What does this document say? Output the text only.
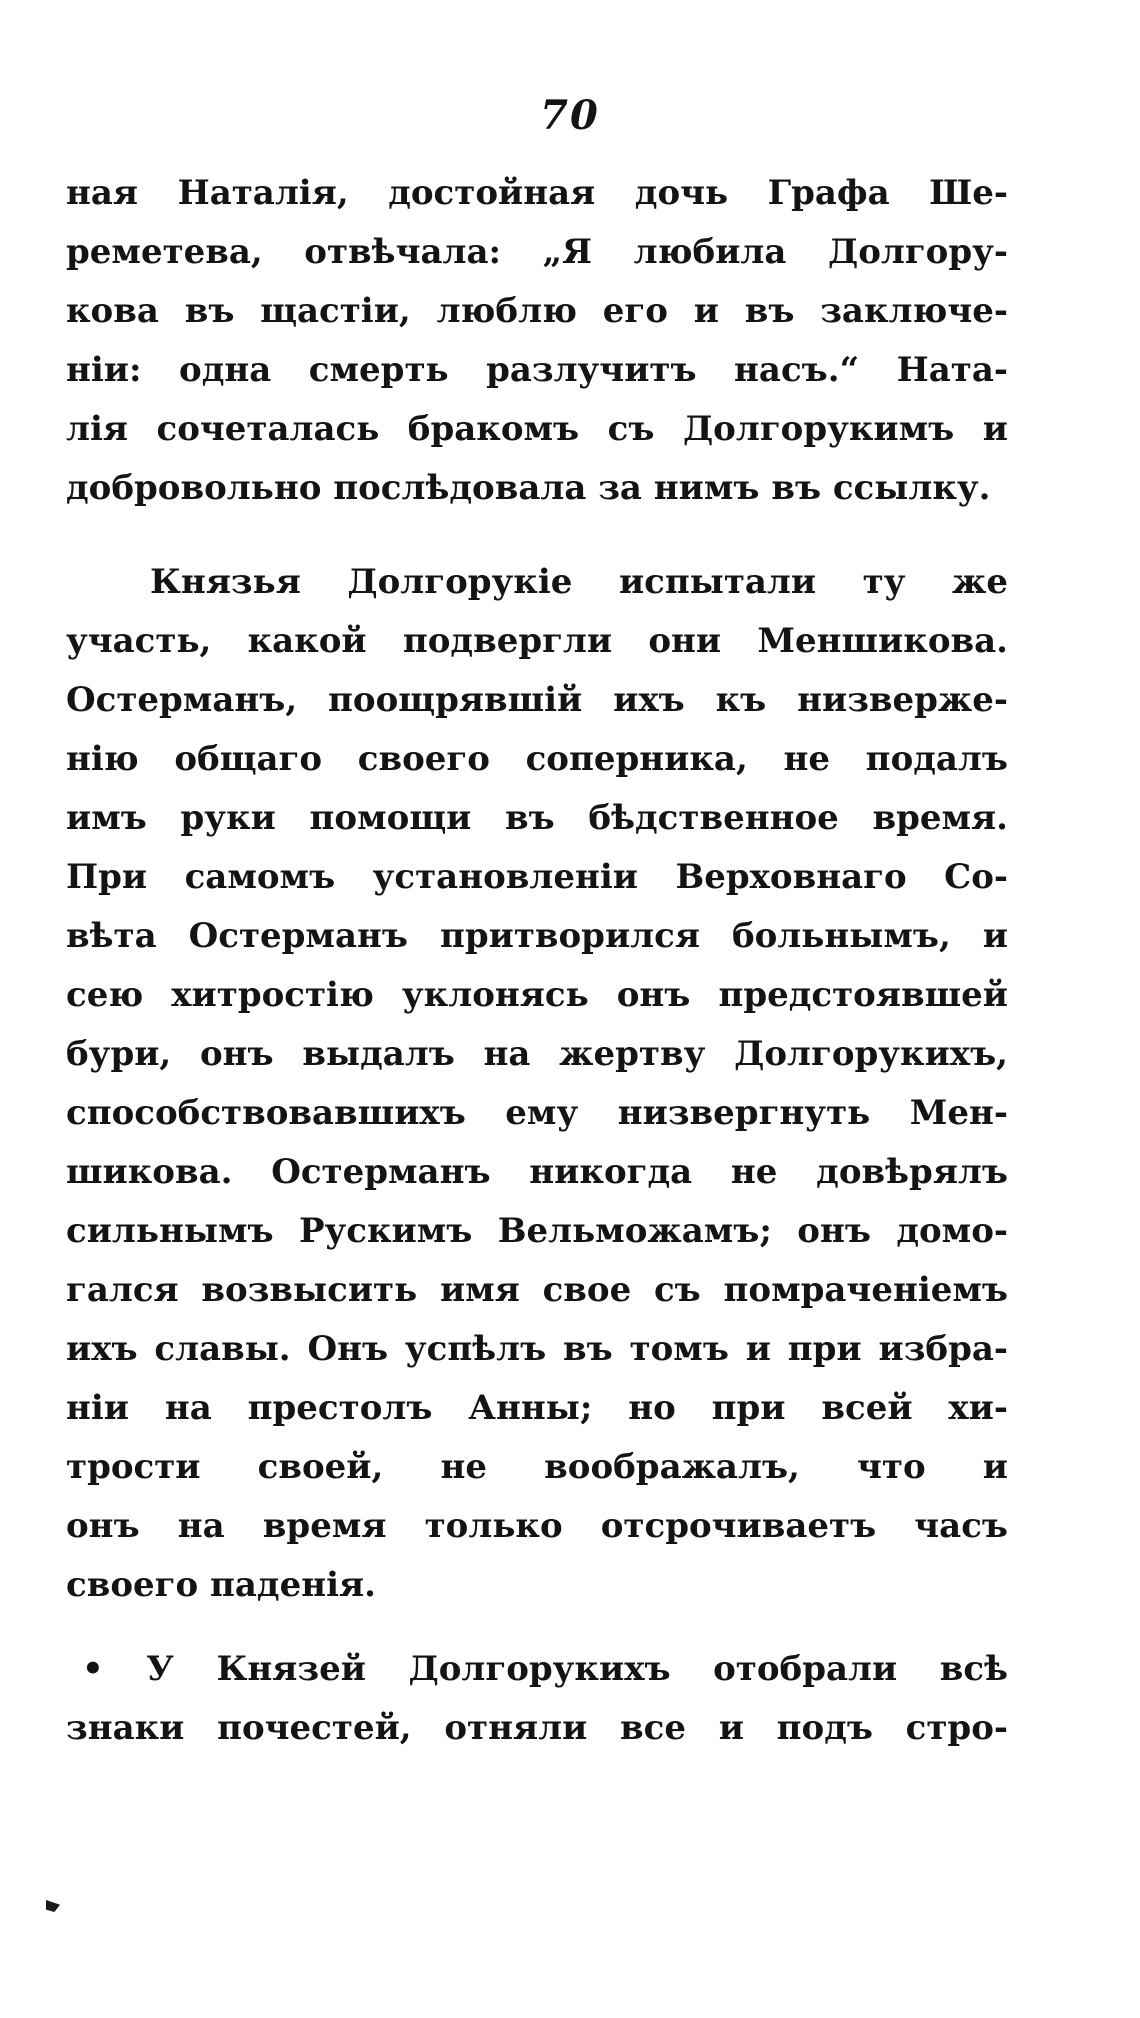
70
ная Наталія, достойная дочь Графа Ше-
реметева, отвѣчала: „Я любила Долгору-
кова въ щастіи, люблю его и въ заключе-
ніи: одна смерть разлучитъ насъ.“ Ната-
лія сочеталась бракомъ съ Долгорукимъ и
добровольно послѣдовала за нимъ въ ссылку.
Князья Долгорукіе испытали ту же
участь, какой подвергли они Меншикова.
Остерманъ, поощрявшій ихъ къ низверже-
нію общаго своего соперника, не подалъ
имъ руки помощи въ бѣдственное время.
При самомъ установленіи Верховнаго Со-
вѣта Остерманъ притворился больнымъ, и
сею хитростію уклонясь онъ предстоявшей
бури, онъ выдалъ на жертву Долгорукихъ,
способствовавшихъ ему низвергнуть Мен-
шикова. Остерманъ никогда не довѣрялъ
сильнымъ Рускимъ Вельможамъ; онъ домо-
гался возвысить имя свое съ помраченіемъ
ихъ славы. Онъ успѣлъ въ томъ и при избра-
ніи на престолъ Анны; но при всей хи-
трости своей, не воображалъ, что и
онъ на время только отсрочиваетъ часъ
своего паденія.
• У Князей Долгорукихъ отобрали всѣ
знаки почестей, отняли все и подъ стро-
